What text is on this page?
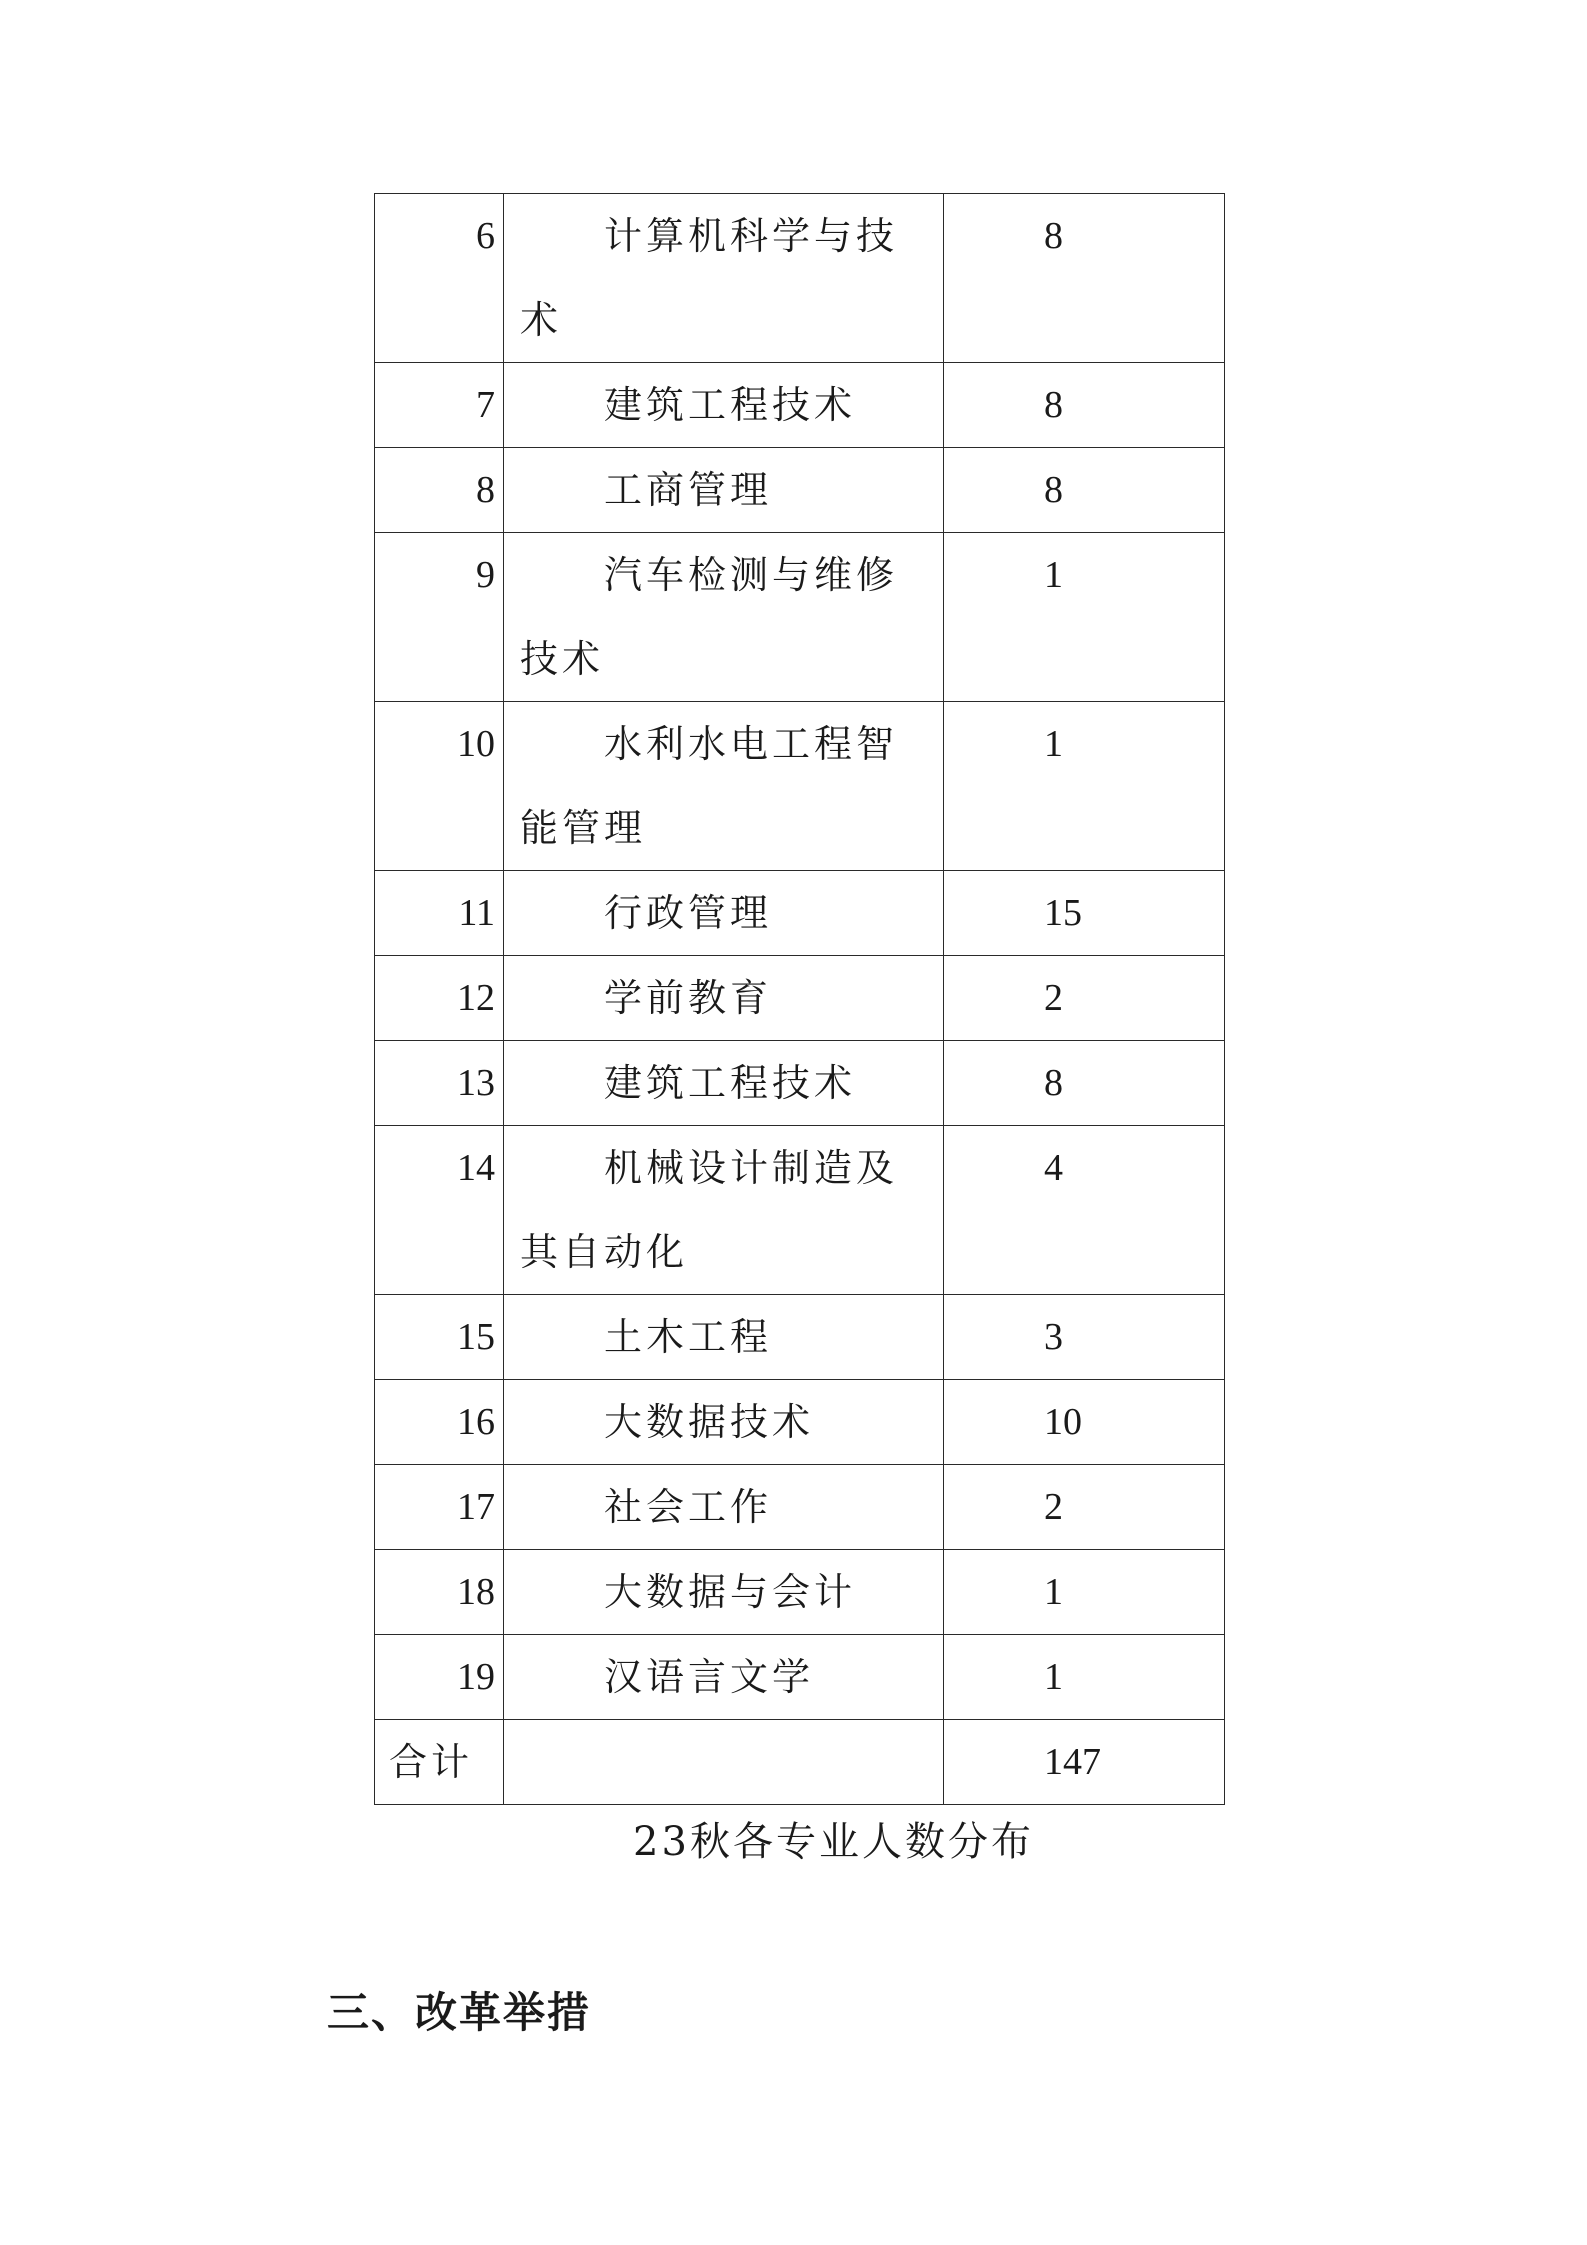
6	计算机科学与技术	8
7	建筑工程技术	8
8	工商管理	8
9	汽车检测与维修技术	1
10	水利水电工程智能管理	1
11	行政管理	15
12	学前教育	2
13	建筑工程技术	8
14	机械设计制造及其自动化	4
15	土木工程	3
16	大数据技术	10
17	社会工作	2
18	大数据与会计	1
19	汉语言文学	1
合计		147
23秋各专业人数分布
三、改革举措
